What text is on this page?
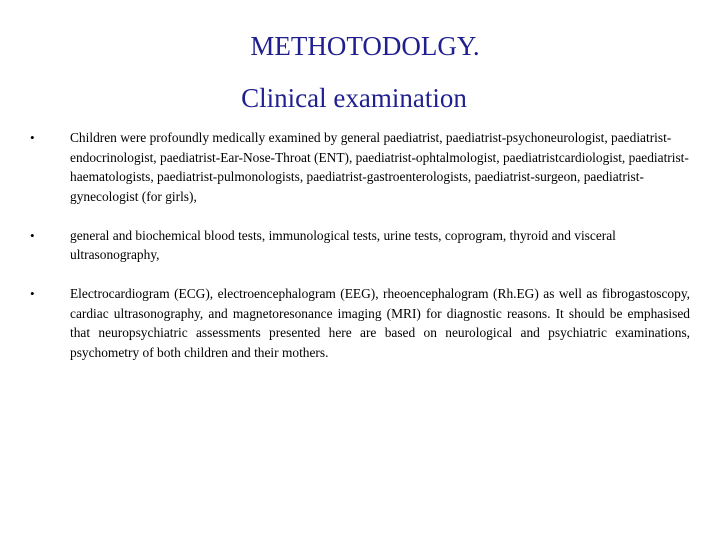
METHOTODOLGY.
Clinical examination
•	Children were profoundly medically examined by general paediatrist, paediatrist-psychoneurologist, paediatrist-endocrinologist, paediatrist-Ear-Nose-Throat (ENT), paediatrist-ophtalmologist, paediatristcardiologist, paediatrist-haematologists, paediatrist-pulmonologists, paediatrist-gastroenterologists, paediatrist-surgeon, paediatrist-gynecologist (for girls),
•	general and biochemical blood tests, immunological tests, urine tests, coprogram, thyroid and visceral ultrasonography,
•	Electrocardiogram (ECG), electroencephalogram (EEG), rheoencephalogram (Rh.EG) as well as fibrogastoscopy, cardiac ultrasonography, and magnetoresonance imaging (MRI) for diagnostic reasons. It should be emphasised that neuropsychiatric assessments presented here are based on neurological and psychiatric examinations, psychometry of both children and their mothers.
